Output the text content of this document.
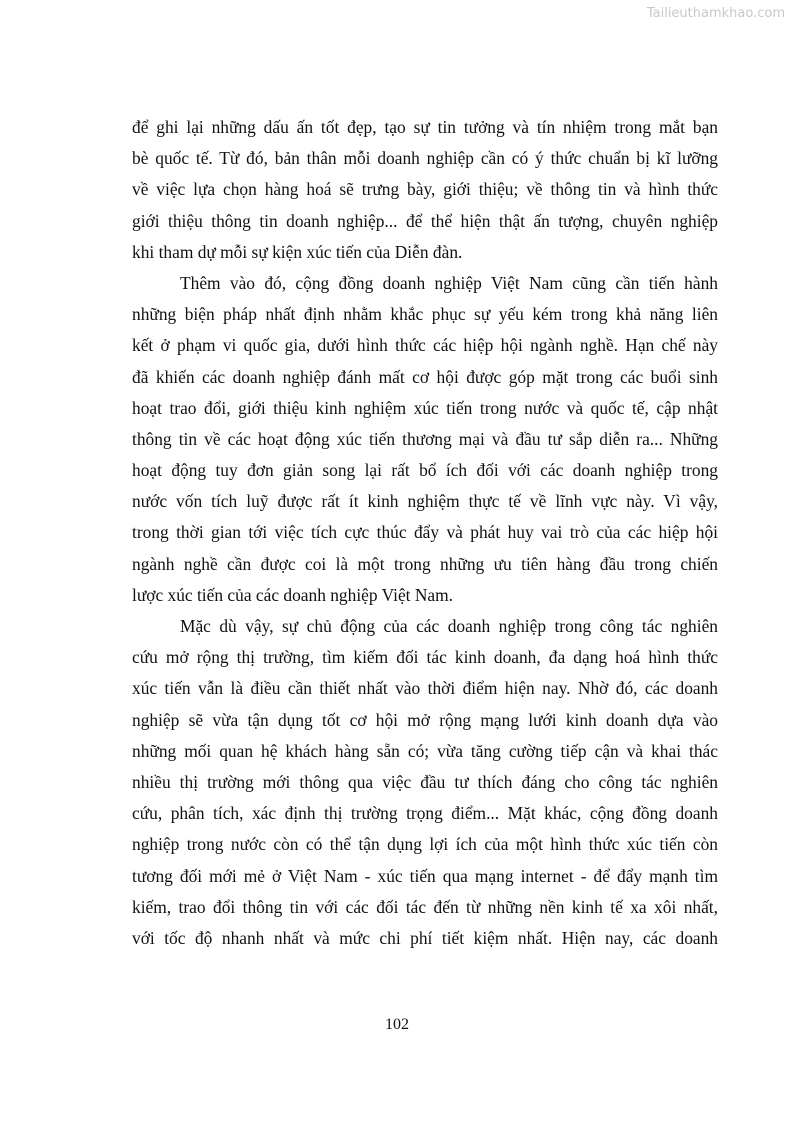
Tailieuthamkhao.com
để ghi lại những dấu ấn tốt đẹp, tạo sự tin tưởng và tín nhiệm trong mắt bạn
bè quốc tế. Từ đó, bản thân mỗi doanh nghiệp cần có ý thức chuẩn bị kĩ lưỡng
về việc lựa chọn hàng hoá sẽ trưng bày, giới thiệu; về thông tin và hình thức
giới thiệu thông tin doanh nghiệp... để thể hiện thật ấn tượng, chuyên nghiệp
khi tham dự mỗi sự kiện xúc tiến của Diễn đàn.
Thêm vào đó, cộng đồng doanh nghiệp Việt Nam cũng cần tiến hành
những biện pháp nhất định nhằm khắc phục sự yếu kém trong khả năng liên
kết ở phạm vi quốc gia, dưới hình thức các hiệp hội ngành nghề. Hạn chế này
đã khiến các doanh nghiệp đánh mất cơ hội được góp mặt trong các buổi sinh
hoạt trao đổi, giới thiệu kinh nghiệm xúc tiến trong nước và quốc tế, cập nhật
thông tin về các hoạt động xúc tiến thương mại và đầu tư sắp diễn ra... Những
hoạt động tuy đơn giản song lại rất bổ ích đối với các doanh nghiệp trong
nước vốn tích luỹ được rất ít kinh nghiệm thực tế về lĩnh vực này. Vì vậy,
trong thời gian tới việc tích cực thúc đẩy và phát huy vai trò của các hiệp hội
ngành nghề cần được coi là một trong những ưu tiên hàng đầu trong chiến
lược xúc tiến của các doanh nghiệp Việt Nam.
Mặc dù vậy, sự chủ động của các doanh nghiệp trong công tác nghiên
cứu mở rộng thị trường, tìm kiếm đối tác kinh doanh, đa dạng hoá hình thức
xúc tiến vẫn là điều cần thiết nhất vào thời điểm hiện nay. Nhờ đó, các doanh
nghiệp sẽ vừa tận dụng tốt cơ hội mở rộng mạng lưới kinh doanh dựa vào
những mối quan hệ khách hàng sẵn có; vừa tăng cường tiếp cận và khai thác
nhiều thị trường mới thông qua việc đầu tư thích đáng cho công tác nghiên
cứu, phân tích, xác định thị trường trọng điểm... Mặt khác, cộng đồng doanh
nghiệp trong nước còn có thể tận dụng lợi ích của một hình thức xúc tiến còn
tương đối mới mẻ ở Việt Nam - xúc tiến qua mạng internet - để đẩy mạnh tìm
kiếm, trao đổi thông tin với các đối tác đến từ những nền kinh tế xa xôi nhất,
với tốc độ nhanh nhất và mức chi phí tiết kiệm nhất. Hiện nay, các doanh
102
